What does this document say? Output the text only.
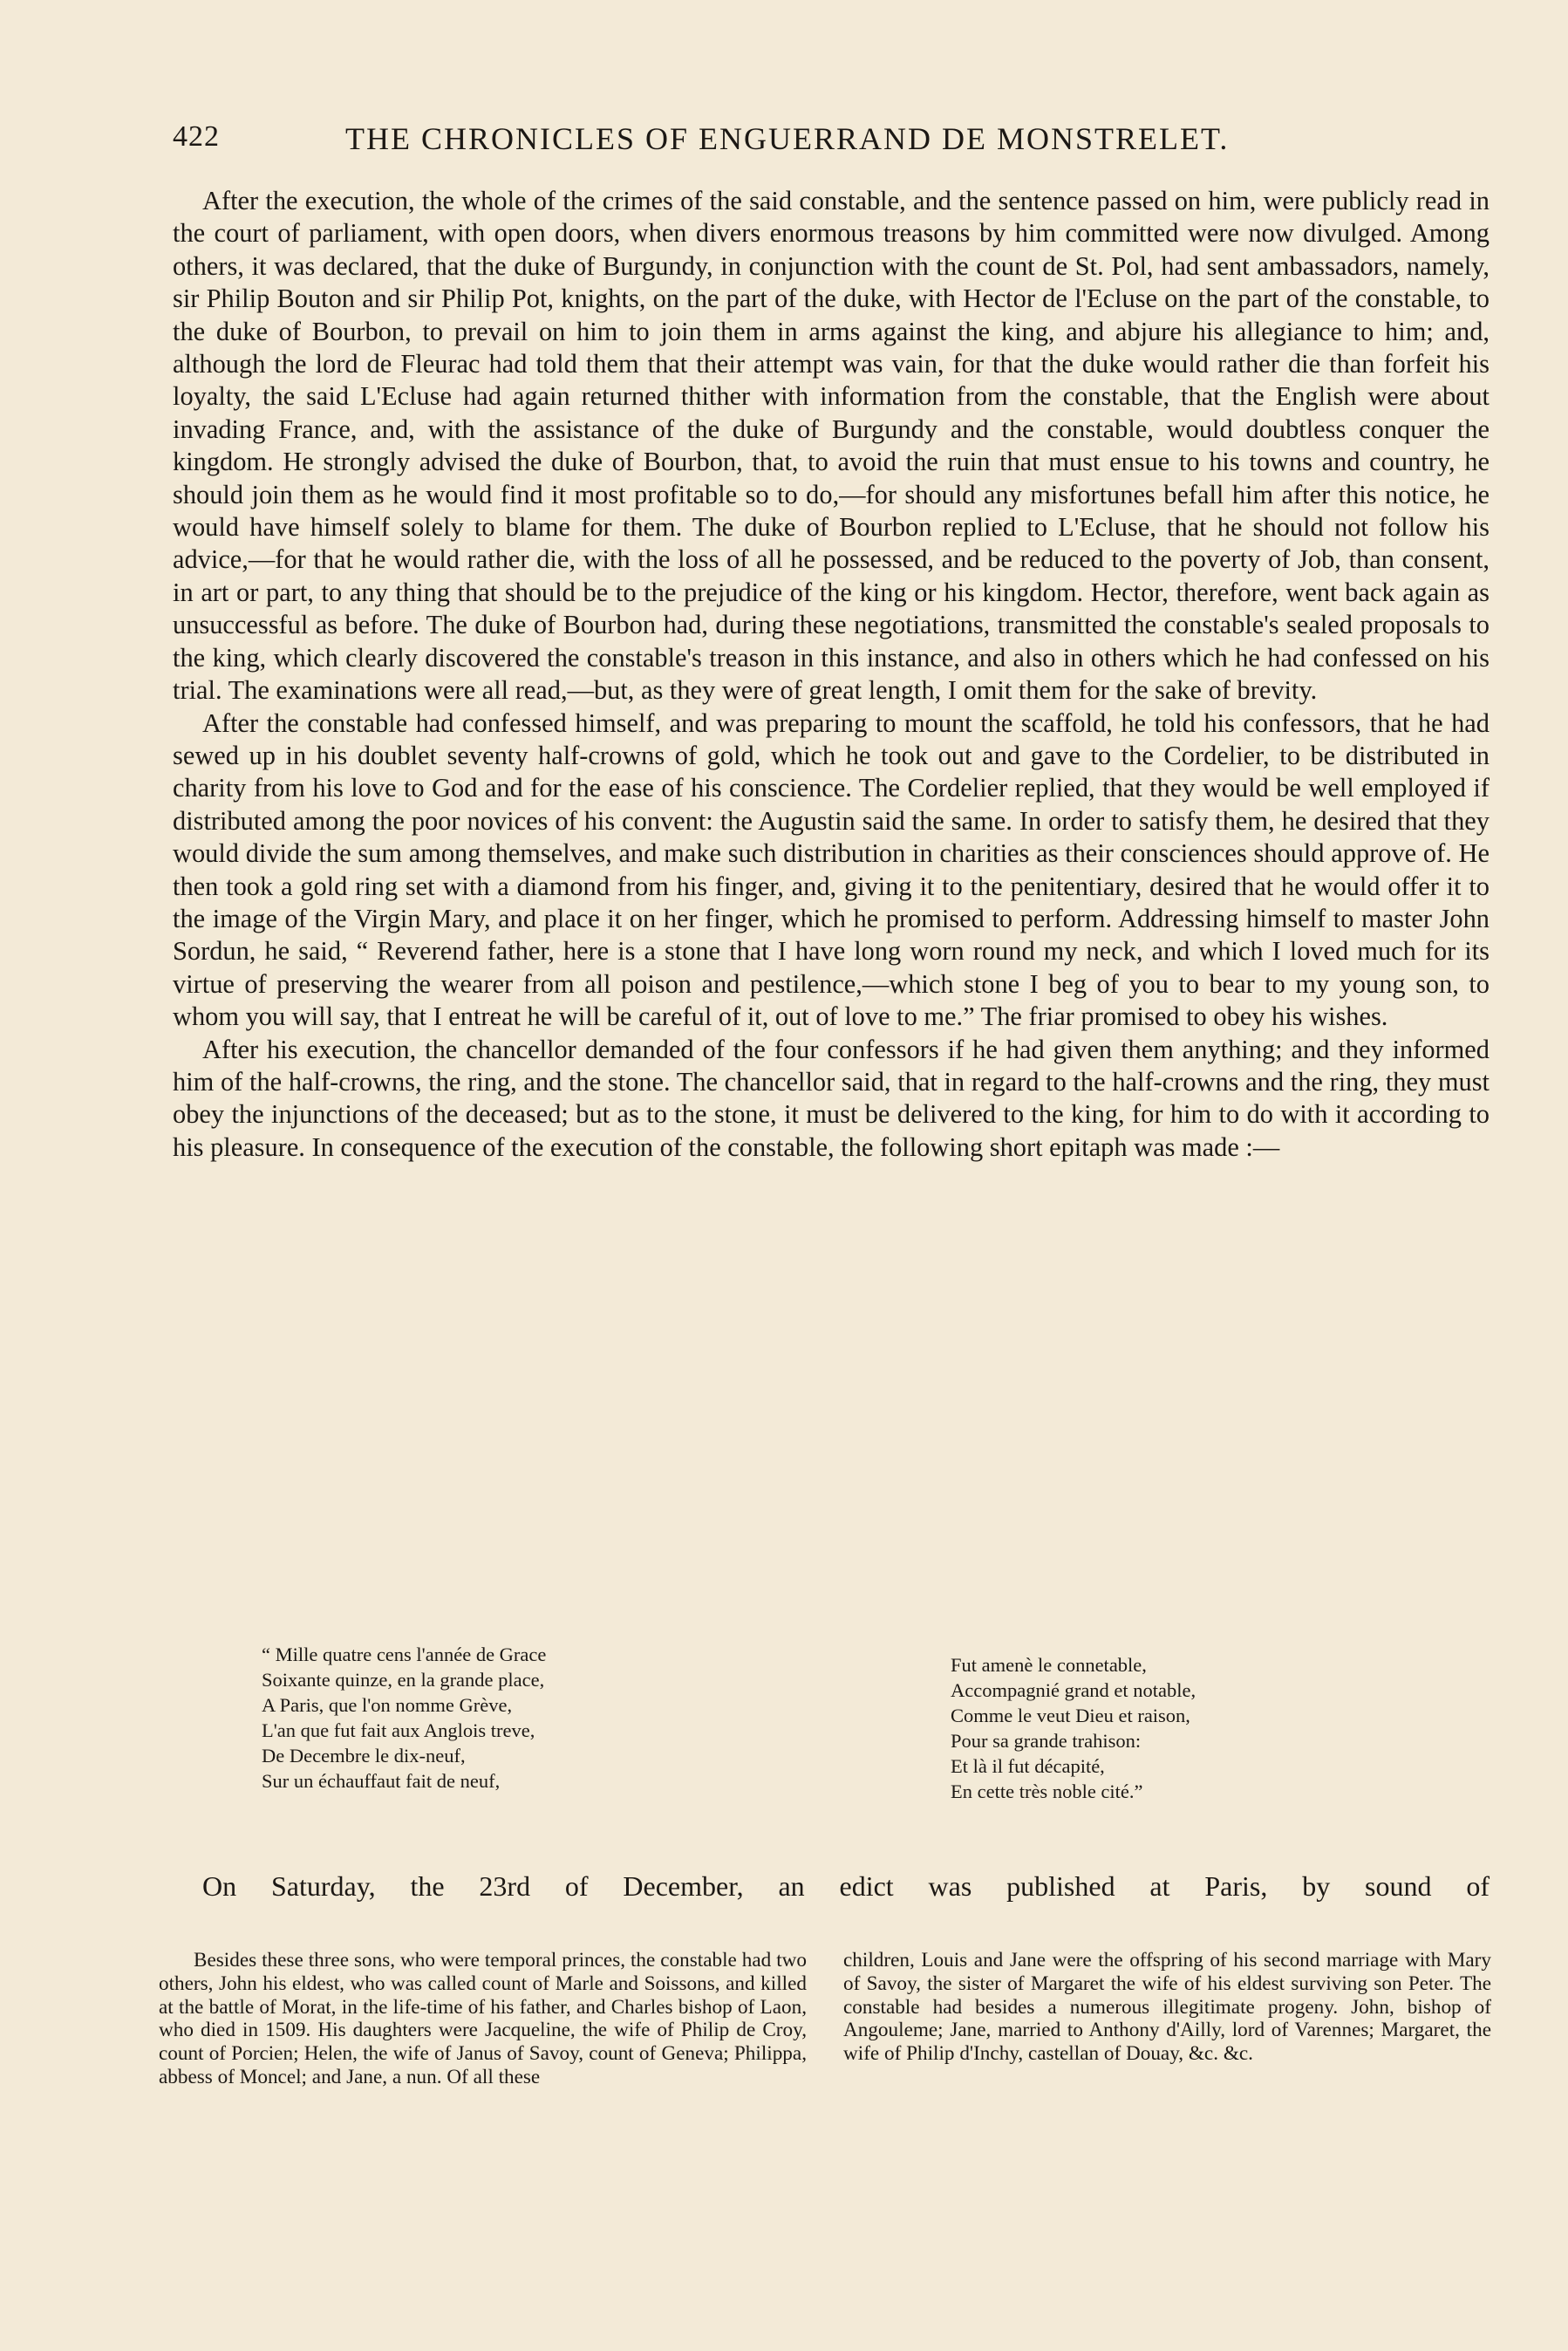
422	THE CHRONICLES OF ENGUERRAND DE MONSTRELET.

After the execution, the whole of the crimes of the said constable, and the sentence passed on him, were publicly read in the court of parliament, with open doors, when divers enormous treasons by him committed were now divulged. Among others, it was declared, that the duke of Burgundy, in conjunction with the count de St. Pol, had sent ambassadors, namely, sir Philip Bouton and sir Philip Pot, knights, on the part of the duke, with Hector de l'Ecluse on the part of the constable, to the duke of Bourbon, to prevail on him to join them in arms against the king, and abjure his allegiance to him; and, although the lord de Fleurac had told them that their attempt was vain, for that the duke would rather die than forfeit his loyalty, the said L'Ecluse had again returned thither with information from the constable, that the English were about invading France, and, with the assistance of the duke of Burgundy and the constable, would doubtless conquer the kingdom. He strongly advised the duke of Bourbon, that, to avoid the ruin that must ensue to his towns and country, he should join them as he would find it most profitable so to do,—for should any misfortunes befall him after this notice, he would have himself solely to blame for them. The duke of Bourbon replied to L'Ecluse, that he should not follow his advice,—for that he would rather die, with the loss of all he possessed, and be reduced to the poverty of Job, than consent, in art or part, to any thing that should be to the prejudice of the king or his kingdom. Hector, therefore, went back again as unsuccessful as before. The duke of Bourbon had, during these negotiations, transmitted the constable's sealed proposals to the king, which clearly discovered the constable's treason in this instance, and also in others which he had confessed on his trial. The examinations were all read,—but, as they were of great length, I omit them for the sake of brevity.

After the constable had confessed himself, and was preparing to mount the scaffold, he told his confessors, that he had sewed up in his doublet seventy half-crowns of gold, which he took out and gave to the Cordelier, to be distributed in charity from his love to God and for the ease of his conscience. The Cordelier replied, that they would be well employed if distributed among the poor novices of his convent: the Augustin said the same. In order to satisfy them, he desired that they would divide the sum among themselves, and make such distribution in charities as their consciences should approve of. He then took a gold ring set with a diamond from his finger, and, giving it to the penitentiary, desired that he would offer it to the image of the Virgin Mary, and place it on her finger, which he promised to perform. Addressing himself to master John Sordun, he said, “ Reverend father, here is a stone that I have long worn round my neck, and which I loved much for its virtue of preserving the wearer from all poison and pestilence,—which stone I beg of you to bear to my young son, to whom you will say, that I entreat he will be careful of it, out of love to me.” The friar promised to obey his wishes.

After his execution, the chancellor demanded of the four confessors if he had given them anything; and they informed him of the half-crowns, the ring, and the stone. The chancellor said, that in regard to the half-crowns and the ring, they must obey the injunctions of the deceased; but as to the stone, it must be delivered to the king, for him to do with it according to his pleasure. In consequence of the execution of the constable, the following short epitaph was made :—

“ Mille quatre cens l'année de Grace
Soixante quinze, en la grande place,
A Paris, que l'on nomme Grève,
L'an que fut fait aux Anglois treve,
De Decembre le dix-neuf,
Sur un échauffaut fait de neuf,
Fut amenè le connetable,
Accompagnié grand et notable,
Comme le veut Dieu et raison,
Pour sa grande trahison:
Et là il fut décapité,
En cette très noble cité.”
On Saturday, the 23rd of December, an edict was published at Paris, by sound of
Besides these three sons, who were temporal princes, the constable had two others, John his eldest, who was called count of Marle and Soissons, and killed at the battle of Morat, in the life-time of his father, and Charles bishop of Laon, who died in 1509. His daughters were Jacqueline, the wife of Philip de Croy, count of Porcien; Helen, the wife of Janus of Savoy, count of Geneva; Philippa, abbess of Moncel; and Jane, a nun. Of all these
children, Louis and Jane were the offspring of his second marriage with Mary of Savoy, the sister of Margaret the wife of his eldest surviving son Peter. The constable had besides a numerous illegitimate progeny. John, bishop of Angouleme; Jane, married to Anthony d'Ailly, lord of Varennes; Margaret, the wife of Philip d'Inchy, castellan of Douay, &c. &c.
